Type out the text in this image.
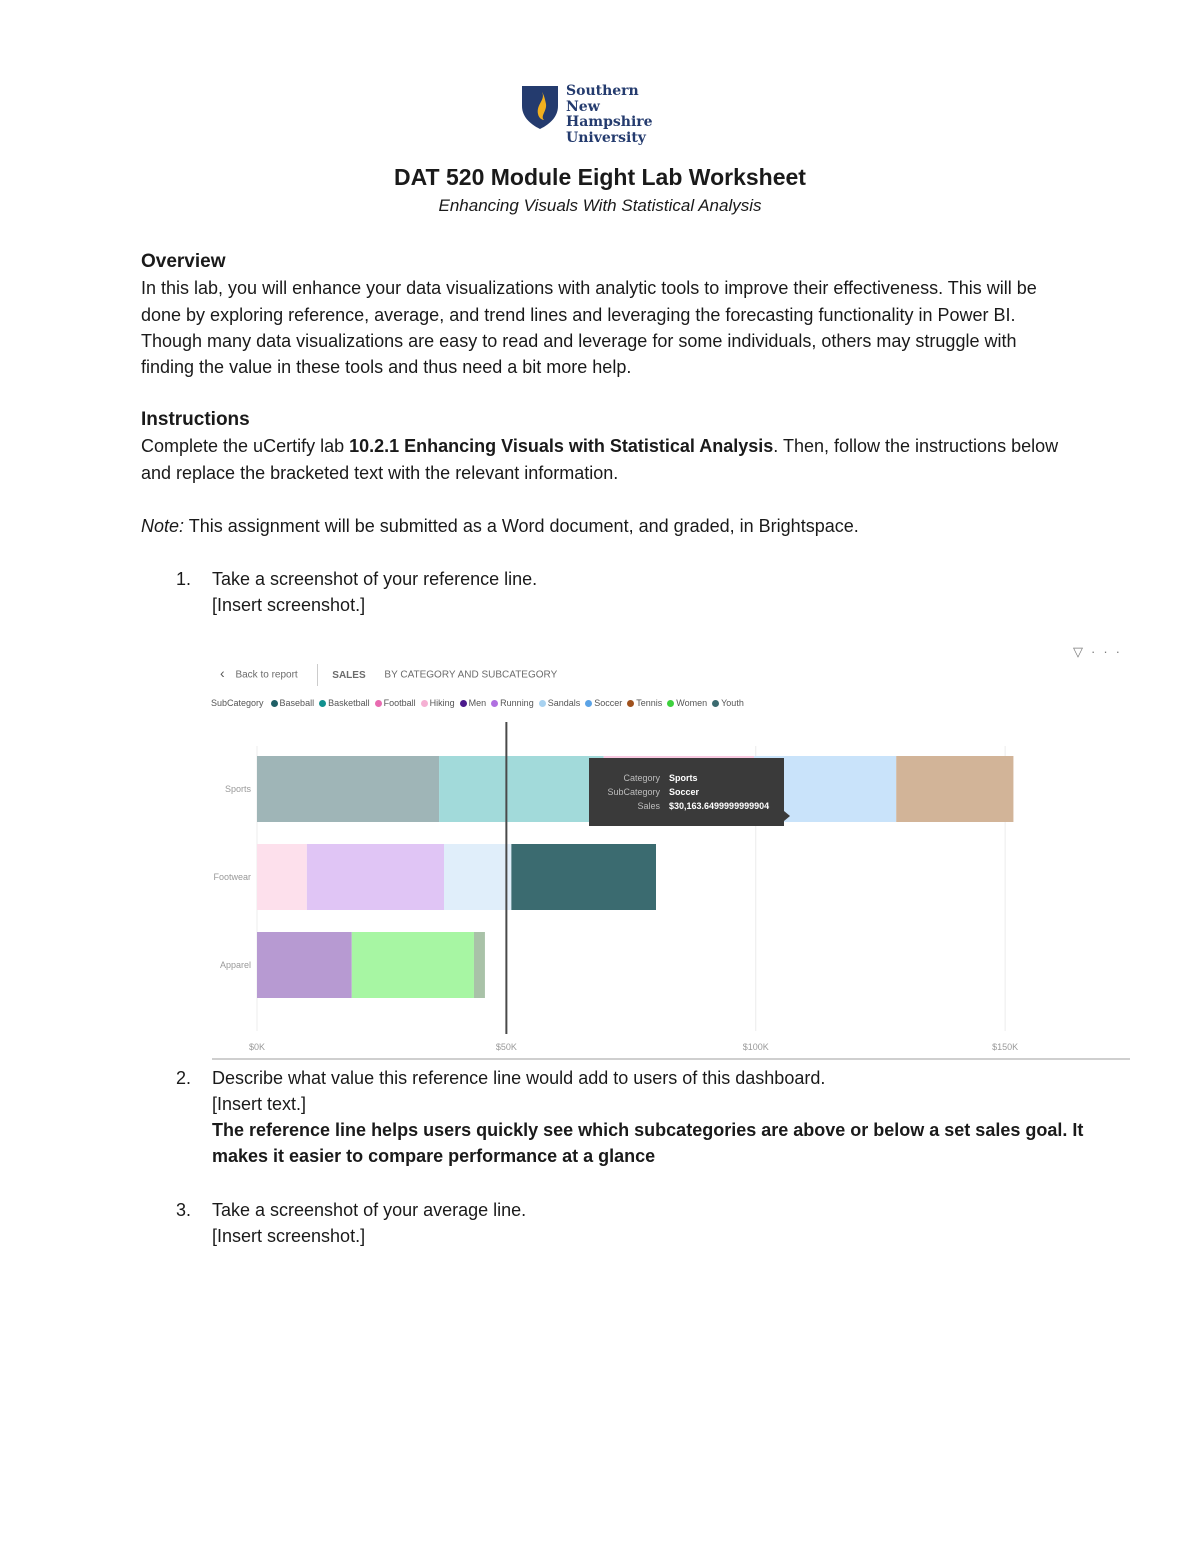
Southern
New Hampshire
University
DAT 520 Module Eight Lab Worksheet
Enhancing Visuals With Statistical Analysis
Overview
In this lab, you will enhance your data visualizations with analytic tools to improve their effectiveness. This will be done by exploring reference, average, and trend lines and leveraging the forecasting functionality in Power BI. Though many data visualizations are easy to read and leverage for some individuals, others may struggle with finding the value in these tools and thus need a bit more help.
Instructions
Complete the uCertify lab 10.2.1 Enhancing Visuals with Statistical Analysis. Then, follow the instructions below and replace the bracketed text with the relevant information.
Note: This assignment will be submitted as a Word document, and graded, in Brightspace.
1. Take a screenshot of your reference line.
[Insert screenshot.]
▽···
‹ Back to report	SALES BY CATEGORY AND SUBCATEGORY
SubCategory Baseball Basketball Football Hiking Men Running Sandals Soccer Tennis Women Youth
$0K	$50K	$100K	$150K
Sports
Footwear
Apparel
Category Sports
SubCategory Soccer
Sales $30,163.6499999999904
2. Describe what value this reference line would add to users of this dashboard.
[Insert text.]
The reference line helps users quickly see which subcategories are above or below a set sales goal. It makes it easier to compare performance at a glance
3. Take a screenshot of your average line.
[Insert screenshot.]
